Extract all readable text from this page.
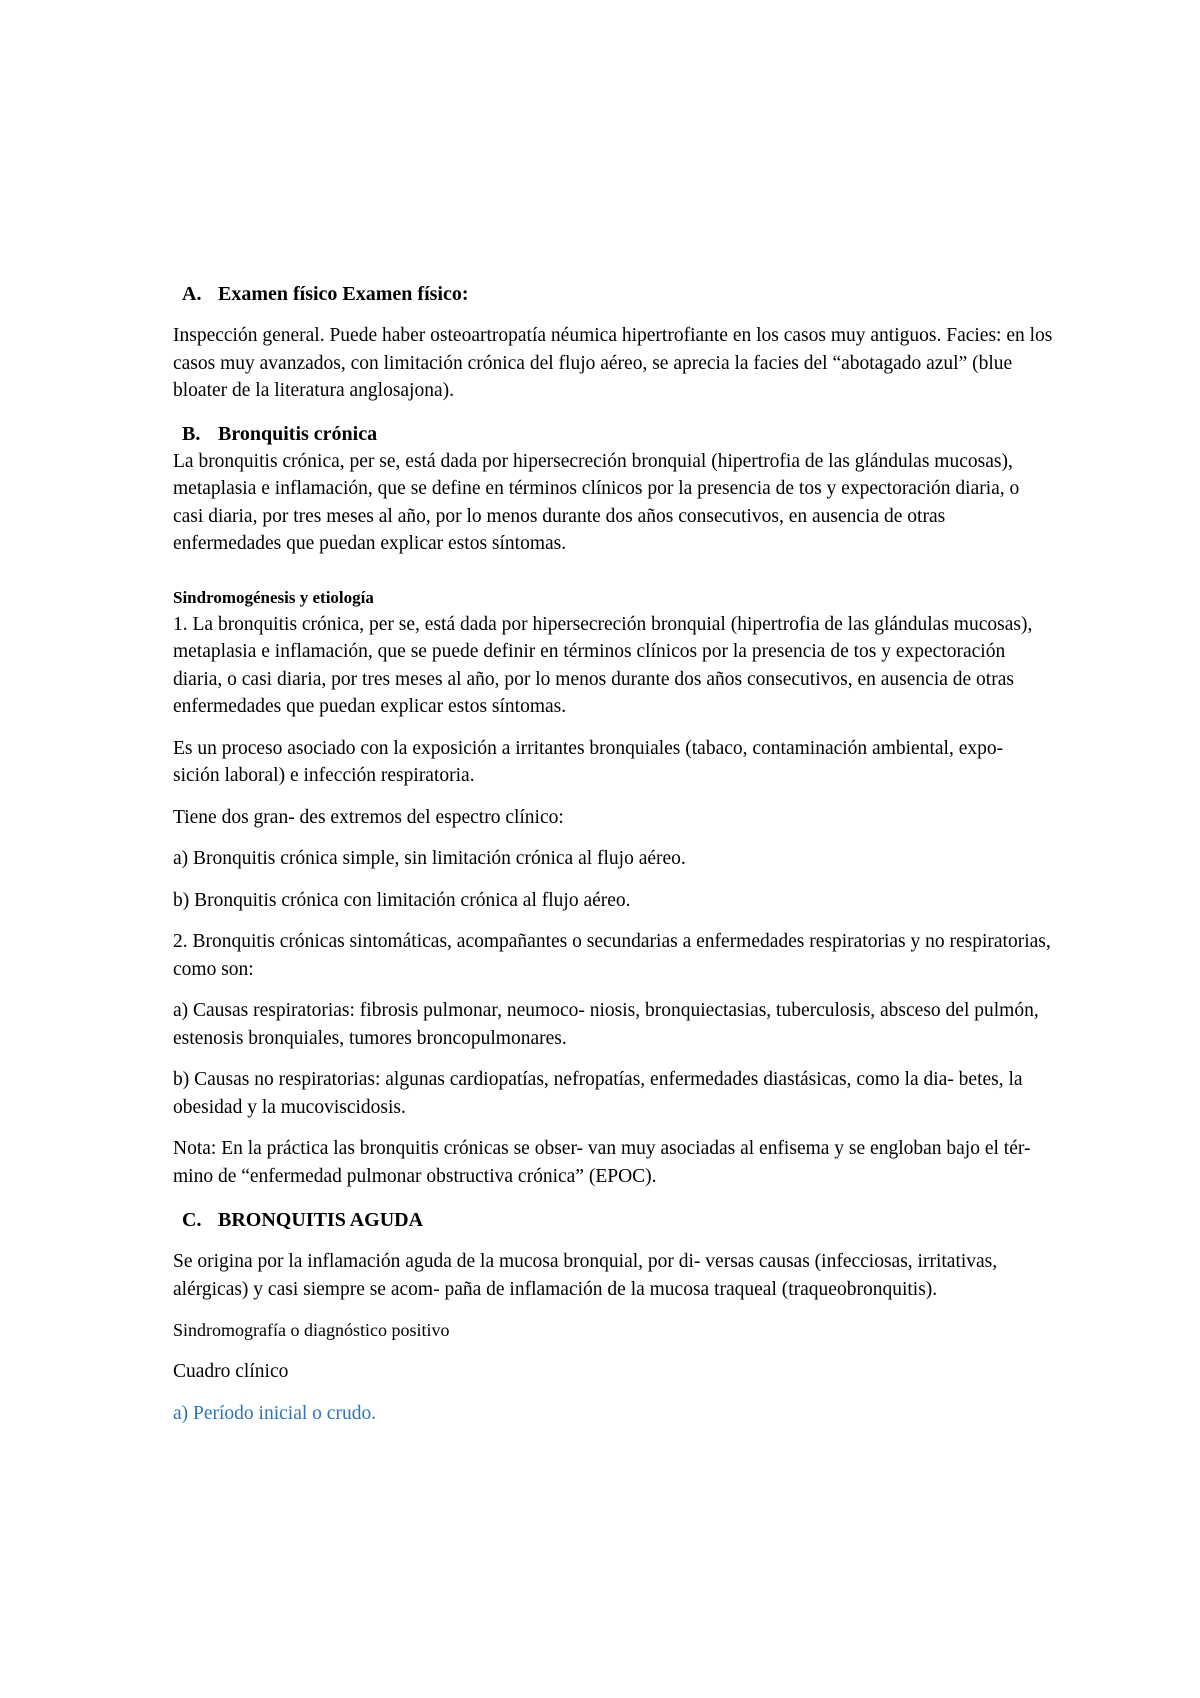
A. Examen físico Examen físico:

Inspección general. Puede haber osteoartropatía néumica hipertrofiante en los casos muy antiguos. Facies: en los casos muy avanzados, con limitación crónica del flujo aéreo, se aprecia la facies del “abotagado azul” (blue bloater de la literatura anglosajona).

B. Bronquitis crónica

La bronquitis crónica, per se, está dada por hipersecreción bronquial (hipertrofia de las glándulas mucosas), metaplasia e inflamación, que se define en términos clínicos por la presencia de tos y expectoración diaria, o casi diaria, por tres meses al año, por lo menos durante dos años consecutivos, en ausencia de otras enfermedades que puedan explicar estos síntomas.

Sindromogénesis y etiología

1. La bronquitis crónica, per se, está dada por hipersecreción bronquial (hipertrofia de las glándulas mucosas), metaplasia e inflamación, que se puede definir en términos clínicos por la presencia de tos y expectoración diaria, o casi diaria, por tres meses al año, por lo menos durante dos años consecutivos, en ausencia de otras enfermedades que puedan explicar estos síntomas.

Es un proceso asociado con la exposición a irritantes bronquiales (tabaco, contaminación ambiental, expo- sición laboral) e infección respiratoria.

Tiene dos gran- des extremos del espectro clínico:

a) Bronquitis crónica simple, sin limitación crónica al flujo aéreo.

b) Bronquitis crónica con limitación crónica al flujo aéreo.

2. Bronquitis crónicas sintomáticas, acompañantes o secundarias a enfermedades respiratorias y no respiratorias, como son:

a) Causas respiratorias: fibrosis pulmonar, neumoco- niosis, bronquiectasias, tuberculosis, absceso del pulmón, estenosis bronquiales, tumores broncopulmonares.

b) Causas no respiratorias: algunas cardiopatías, nefropatías, enfermedades diastásicas, como la dia- betes, la obesidad y la mucoviscidosis.

Nota: En la práctica las bronquitis crónicas se obser- van muy asociadas al enfisema y se engloban bajo el tér- mino de “enfermedad pulmonar obstructiva crónica” (EPOC).

C. BRONQUITIS AGUDA

Se origina por la inflamación aguda de la mucosa bronquial, por di- versas causas (infecciosas, irritativas, alérgicas) y casi siempre se acom- paña de inflamación de la mucosa traqueal (traqueobronquitis).

Sindromografía o diagnóstico positivo

Cuadro clínico

a) Período inicial o crudo.
